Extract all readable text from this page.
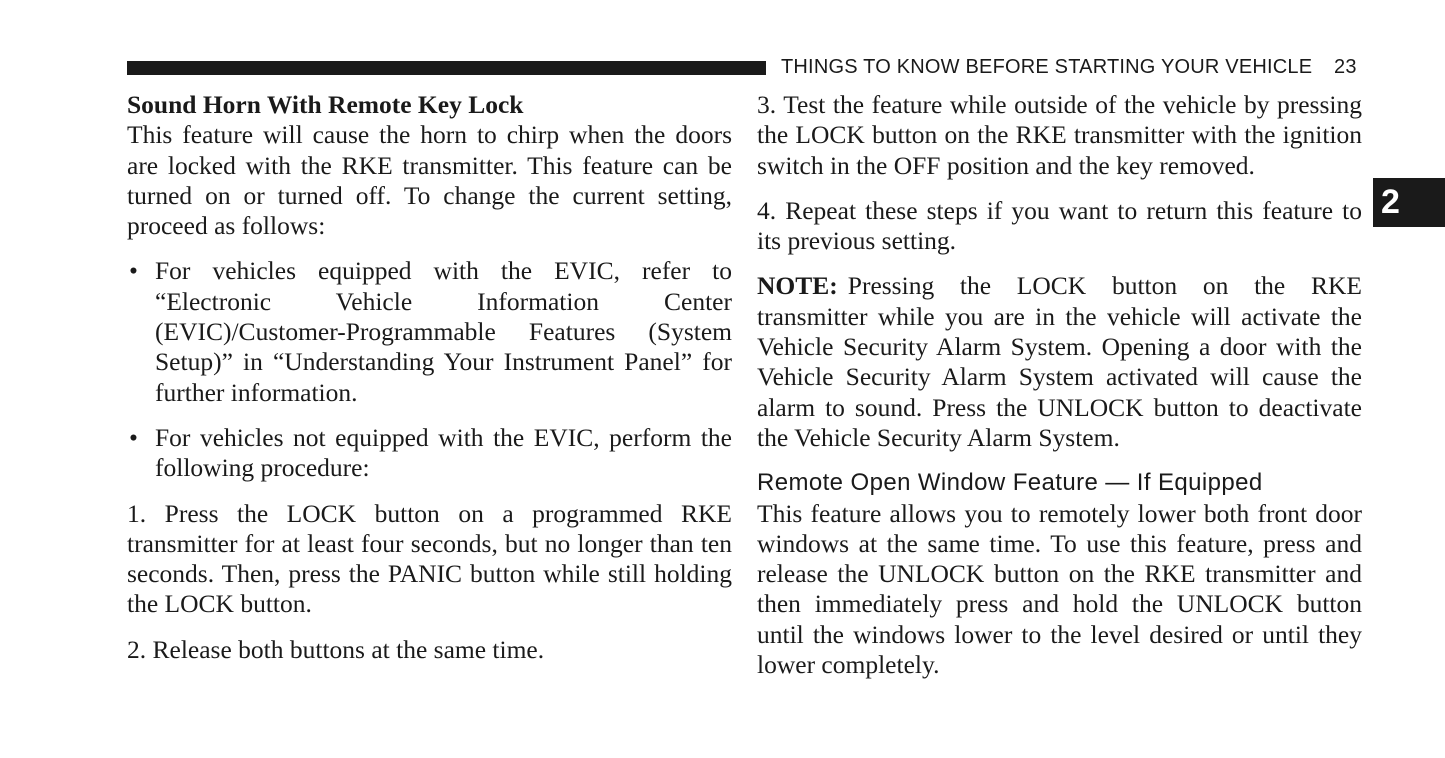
THINGS TO KNOW BEFORE STARTING YOUR VEHICLE 23
2

Sound Horn With Remote Key Lock

This feature will cause the horn to chirp when the doors are locked with the RKE transmitter. This feature can be turned on or turned off. To change the current setting, proceed as follows:

• For vehicles equipped with the EVIC, refer to “Electronic Vehicle Information Center (EVIC)/Customer-Programmable Features (System Setup)” in “Understanding Your Instrument Panel” for further information.
• For vehicles not equipped with the EVIC, perform the following procedure:

1. Press the LOCK button on a programmed RKE transmitter for at least four seconds, but no longer than ten seconds. Then, press the PANIC button while still holding the LOCK button.

2. Release both buttons at the same time.

3. Test the feature while outside of the vehicle by pressing the LOCK button on the RKE transmitter with the ignition switch in the OFF position and the key removed.

4. Repeat these steps if you want to return this feature to its previous setting.

NOTE: Pressing the LOCK button on the RKE transmitter while you are in the vehicle will activate the Vehicle Security Alarm System. Opening a door with the Vehicle Security Alarm System activated will cause the alarm to sound. Press the UNLOCK button to deactivate the Vehicle Security Alarm System.

Remote Open Window Feature — If Equipped

This feature allows you to remotely lower both front door windows at the same time. To use this feature, press and release the UNLOCK button on the RKE transmitter and then immediately press and hold the UNLOCK button until the windows lower to the level desired or until they lower completely.
